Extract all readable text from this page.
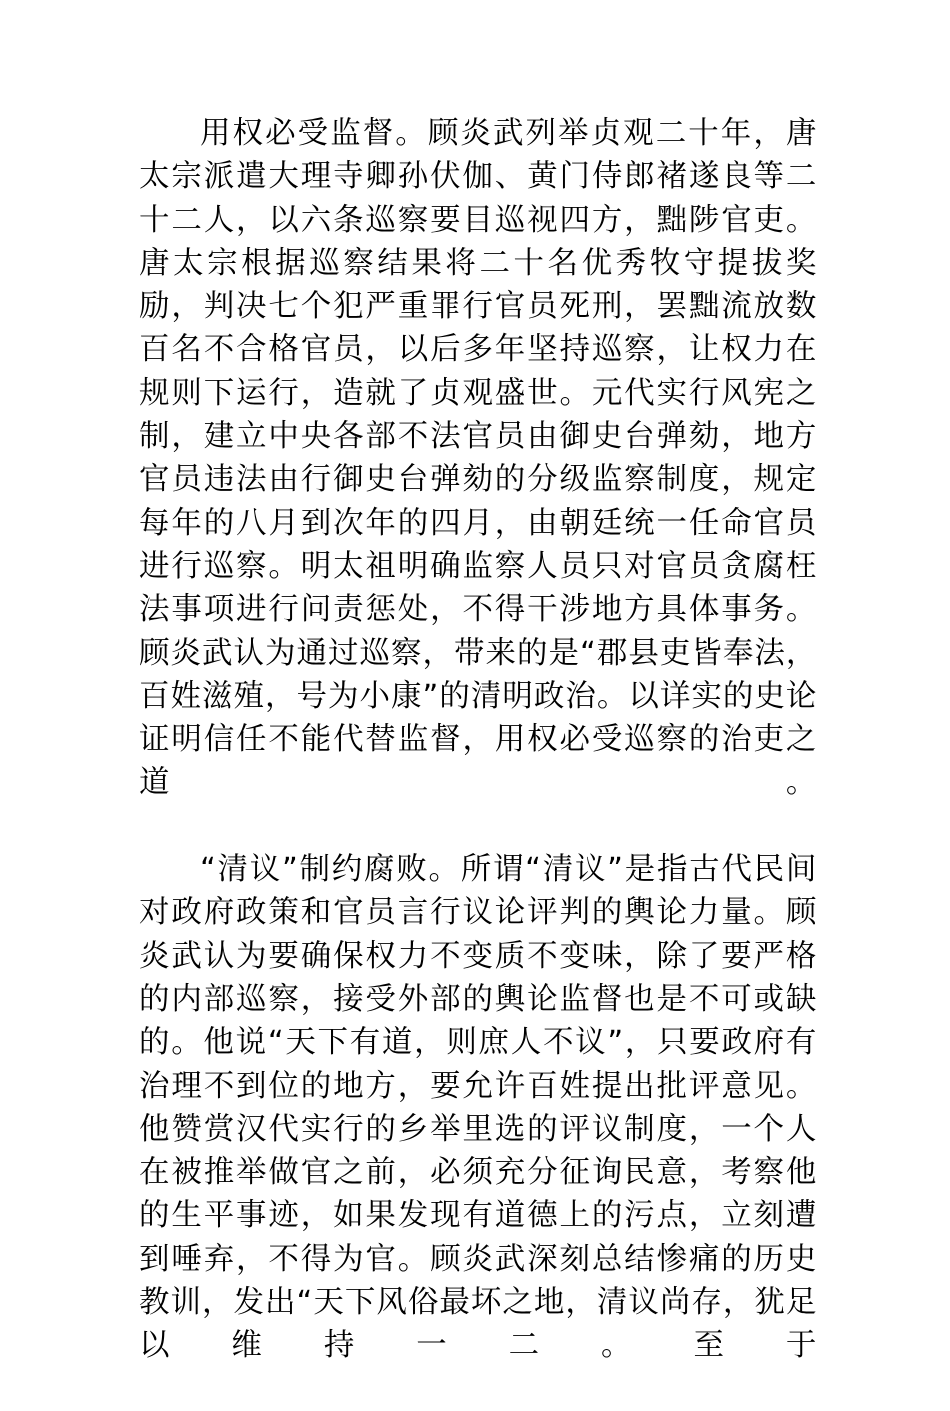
用权必受监督。顾炎武列举贞观二十年，唐太宗派遣大理寺卿孙伏伽、黄门侍郎褚遂良等二十二人，以六条巡察要目巡视四方，黜陟官吏。唐太宗根据巡察结果将二十名优秀牧守提拔奖励，判决七个犯严重罪行官员死刑，罢黜流放数百名不合格官员，以后多年坚持巡察，让权力在规则下运行，造就了贞观盛世。元代实行风宪之制，建立中央各部不法官员由御史台弹劾，地方官员违法由行御史台弹劾的分级监察制度，规定每年的八月到次年的四月，由朝廷统一任命官员进行巡察。明太祖明确监察人员只对官员贪腐枉法事项进行问责惩处，不得干涉地方具体事务。顾炎武认为通过巡察，带来的是“郡县吏皆奉法，百姓滋殖，号为小康”的清明政治。以详实的史论证明信任不能代替监督，用权必受巡察的治吏之道。

“清议”制约腐败。所谓“清议”是指古代民间对政府政策和官员言行议论评判的輿论力量。顾炎武认为要确保权力不变质不变味，除了要严格的内部巡察，接受外部的輿论监督也是不可或缺的。他说“天下有道，则庶人不议”，只要政府有治理不到位的地方，要允许百姓提出批评意见。他赞赏汉代实行的乡举里选的评议制度，一个人在被推举做官之前，必须充分征询民意，考察他的生平事迹，如果发现有道德上的污点，立刻遭到唾弃，不得为官。顾炎武深刻总结惨痛的历史教训，发出“天下风俗最坏之地，清议尚存，犹足以维持一二。至于
